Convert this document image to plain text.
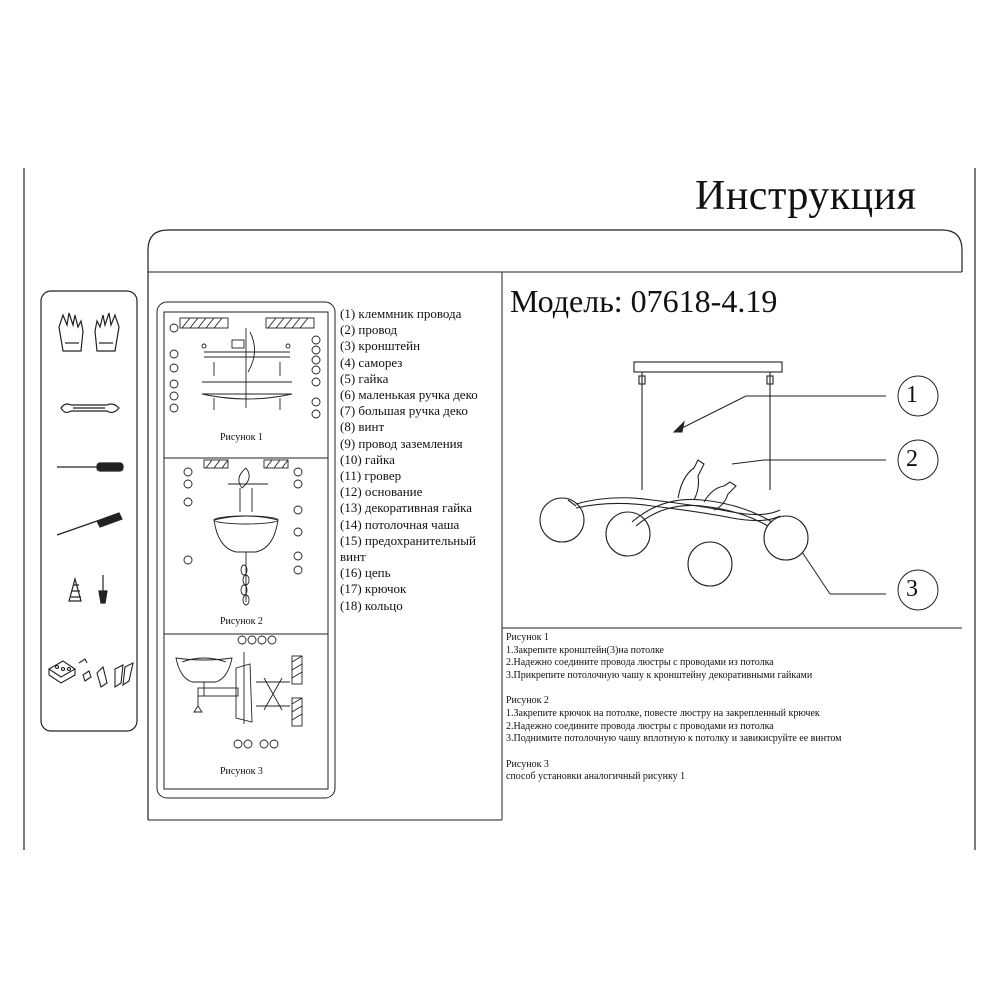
Инструкция
Модель: 07618-4.19
Рисунок 1
Рисунок 2
Рисунок 3
(1) клеммник провода
(2) провод
(3) кронштейн
(4) саморез
(5) гайка
(6) маленькая ручка деко
(7) большая ручка деко
(8) винт
(9) провод заземления
(10) гайка
(11) гровер
(12) основание
(13) декоративная гайка
(14) потолочная чаша
(15) предохранительный винт
(16) цепь
(17) крючок
(18) кольцо
1
2
3
Рисунок 1
1.Закрепите кронштейн(3)на потолке
2.Надежно соедините провода люстры с проводами из потолка
3.Прикрепите потолочную чашу к кронштейну декоративными гайками
Рисунок 2
1.Закрепите крючок на потолке, повесте люстру на закрепленный крючек
2.Надежно соедините провода люстры с проводами из потолка
3.Поднимите потолочную чашу вплотную к потолку и завикисруйте ее винтом
Рисунок 3
способ установки аналогичный рисунку 1
